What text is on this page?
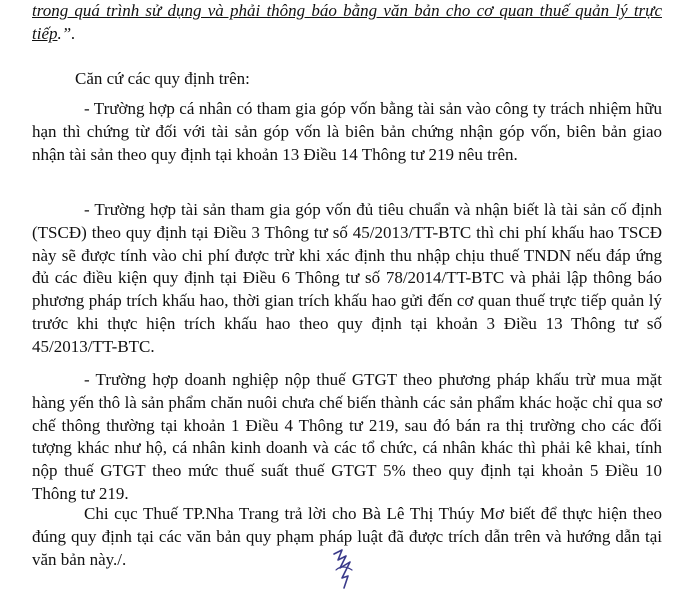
trong quá trình sử dụng và phải thông báo bằng văn bản cho cơ quan thuế quản lý trực tiếp.”.

Căn cứ các quy định trên:

- Trường hợp cá nhân có tham gia góp vốn bằng tài sản vào công ty trách nhiệm hữu hạn thì chứng từ đối với tài sản góp vốn là biên bản chứng nhận góp vốn, biên bản giao nhận tài sản theo quy định tại khoản 13 Điều 14 Thông tư 219 nêu trên.

- Trường hợp tài sản tham gia góp vốn đủ tiêu chuẩn và nhận biết là tài sản cố định (TSCĐ) theo quy định tại Điều 3 Thông tư số 45/2013/TT-BTC thì chi phí khấu hao TSCĐ này sẽ được tính vào chi phí được trừ khi xác định thu nhập chịu thuế TNDN nếu đáp ứng đủ các điều kiện quy định tại Điều 6 Thông tư số 78/2014/TT-BTC và phải lập thông báo phương pháp trích khấu hao, thời gian trích khấu hao gửi đến cơ quan thuế trực tiếp quản lý trước khi thực hiện trích khấu hao theo quy định tại khoản 3 Điều 13 Thông tư số 45/2013/TT-BTC.

- Trường hợp doanh nghiệp nộp thuế GTGT theo phương pháp khấu trừ mua mặt hàng yến thô là sản phẩm chăn nuôi chưa chế biến thành các sản phẩm khác hoặc chỉ qua sơ chế thông thường tại khoản 1 Điều 4 Thông tư 219, sau đó bán ra thị trường cho các đối tượng khác như hộ, cá nhân kinh doanh và các tổ chức, cá nhân khác thì phải kê khai, tính nộp thuế GTGT theo mức thuế suất thuế GTGT 5% theo quy định tại khoản 5 Điều 10 Thông tư 219.

Chi cục Thuế TP.Nha Trang trả lời cho Bà Lê Thị Thúy Mơ biết để thực hiện theo đúng quy định tại các văn bản quy phạm pháp luật đã được trích dẫn trên và hướng dẫn tại văn bản này./.
